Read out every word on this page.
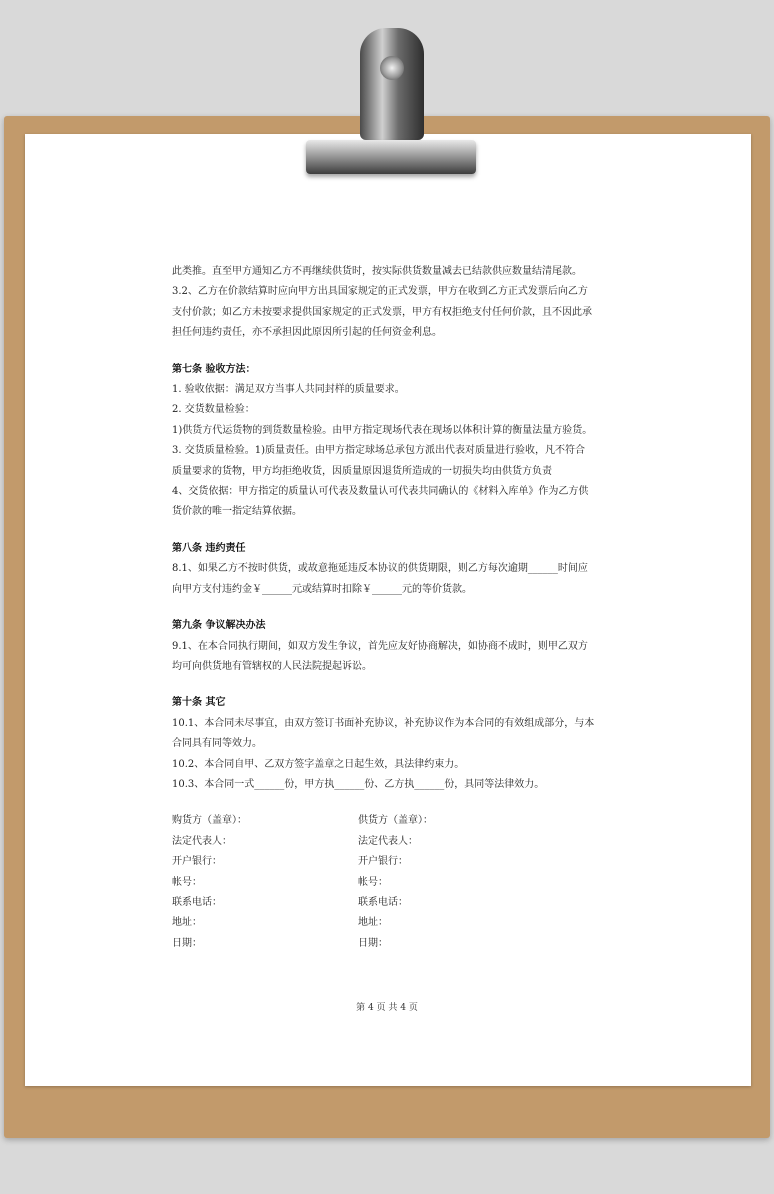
此类推。直至甲方通知乙方不再继续供货时，按实际供货数量减去已结款供应数量结清尾款。

3.2、乙方在价款结算时应向甲方出具国家规定的正式发票，甲方在收到乙方正式发票后向乙方

支付价款；如乙方未按要求提供国家规定的正式发票，甲方有权拒绝支付任何价款，且不因此承

担任何违约责任，亦不承担因此原因所引起的任何资金利息。

第七条 验收方法：

1. 验收依据：满足双方当事人共同封样的质量要求。

2. 交货数量检验：

1)供货方代运货物的到货数量检验。由甲方指定现场代表在现场以体积计算的衡量法量方验货。

3. 交货质量检验。1)质量责任。由甲方指定球场总承包方派出代表对质量进行验收，凡不符合

质量要求的货物，甲方均拒绝收货，因质量原因退货所造成的一切损失均由供货方负责

4、交货依据：甲方指定的质量认可代表及数量认可代表共同确认的《材料入库单》作为乙方供

货价款的唯一指定结算依据。

第八条 违约责任

8.1、如果乙方不按时供货，或故意拖延违反本协议的供货期限，则乙方每次逾期______时间应

向甲方支付违约金￥______元或结算时扣除￥______元的等价货款。

第九条 争议解决办法

9.1、在本合同执行期间，如双方发生争议，首先应友好协商解决，如协商不成时，则甲乙双方

均可向供货地有管辖权的人民法院提起诉讼。

第十条 其它

10.1、本合同未尽事宜，由双方签订书面补充协议，补充协议作为本合同的有效组成部分，与本

合同具有同等效力。

10.2、本合同自甲、乙双方签字盖章之日起生效，具法律约束力。

10.3、本合同一式______份，甲方执______份、乙方执______份，具同等法律效力。

购货方（盖章）：	供货方（盖章）：
法定代表人：	法定代表人：
开户银行：	开户银行：
帐号：	帐号：
联系电话：	联系电话：
地址：	地址：
日期：	日期：
第 4 页 共 4 页
